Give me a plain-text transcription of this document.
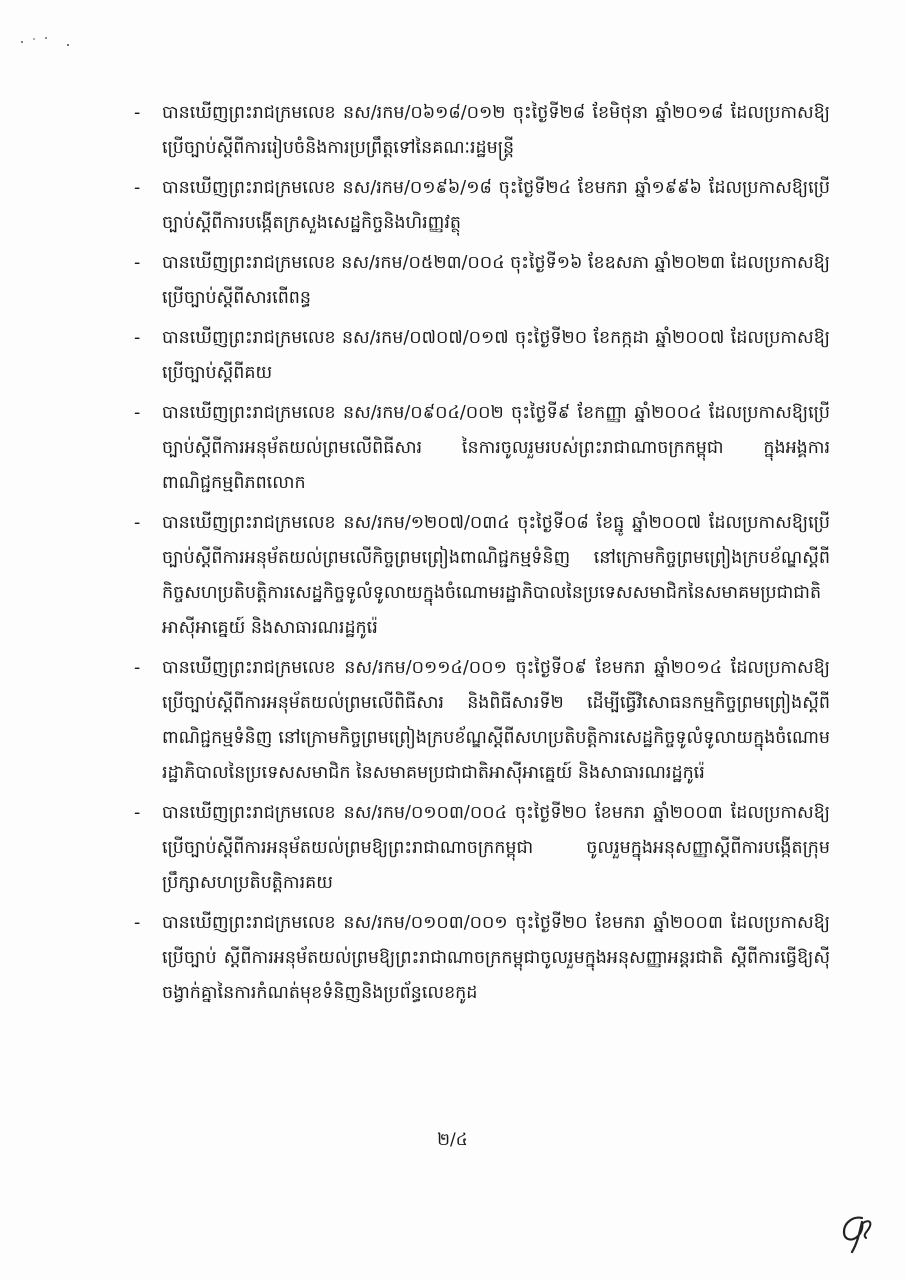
- បានឃើញព្រះរាជក្រមលេខ នស/រកម/០៦១៨/០១២ ចុះថ្ងៃទី២៨ ខែមិថុនា ឆ្នាំ២០១៨ ដែលប្រកាសឱ្យប្រើច្បាប់ស្ដីពីការរៀបចំនិងការប្រព្រឹត្តទៅនៃគណៈរដ្ឋមន្ត្រី
- បានឃើញព្រះរាជក្រមលេខ នស/រកម/០១៩៦/១៨ ចុះថ្ងៃទី២៤ ខែមករា ឆ្នាំ១៩៩៦ ដែលប្រកាសឱ្យប្រើច្បាប់ស្ដីពីការបង្កើតក្រសួងសេដ្ឋកិច្ចនិងហិរញ្ញវត្ថុ
- បានឃើញព្រះរាជក្រមលេខ នស/រកម/០៥២៣/០០៤ ចុះថ្ងៃទី១៦ ខែឧសភា ឆ្នាំ២០២៣ ដែលប្រកាសឱ្យប្រើច្បាប់ស្ដីពីសារពើពន្ធ
- បានឃើញព្រះរាជក្រមលេខ នស/រកម/០៧០៧/០១៧ ចុះថ្ងៃទី២០ ខែកក្កដា ឆ្នាំ២០០៧ ដែលប្រកាសឱ្យប្រើច្បាប់ស្ដីពីគយ
- បានឃើញព្រះរាជក្រមលេខ នស/រកម/០៩០៤/០០២ ចុះថ្ងៃទី៩ ខែកញ្ញា ឆ្នាំ២០០៤ ដែលប្រកាសឱ្យប្រើច្បាប់ស្ដីពីការអនុម័តយល់ព្រមលើពិធីសារ នៃការចូលរួមរបស់ព្រះរាជាណាចក្រកម្ពុជា ក្នុងអង្គការពាណិជ្ជកម្មពិភពលោក
- បានឃើញព្រះរាជក្រមលេខ នស/រកម/១២០៧/០៣៤ ចុះថ្ងៃទី០៨ ខែធ្នូ ឆ្នាំ២០០៧ ដែលប្រកាសឱ្យប្រើច្បាប់ស្ដីពីការអនុម័តយល់ព្រមលើកិច្ចព្រមព្រៀងពាណិជ្ជកម្មទំនិញ នៅក្រោមកិច្ចព្រមព្រៀងក្របខ័ណ្ឌស្ដីពីកិច្ចសហប្រតិបត្តិការសេដ្ឋកិច្ចទូលំទូលាយក្នុងចំណោមរដ្ឋាភិបាលនៃប្រទេសសមាជិកនៃសមាគមប្រជាជាតិអាស៊ីអាគ្នេយ៍ និងសាធារណរដ្ឋកូរ៉េ
- បានឃើញព្រះរាជក្រមលេខ នស/រកម/០១១៤/០០១ ចុះថ្ងៃទី០៩ ខែមករា ឆ្នាំ២០១៤ ដែលប្រកាសឱ្យប្រើច្បាប់ស្ដីពីការអនុម័តយល់ព្រមលើពិធីសារ និងពិធីសារទី២ ដើម្បីធ្វើវិសោធនកម្មកិច្ចព្រមព្រៀងស្ដីពីពាណិជ្ជកម្មទំនិញ នៅក្រោមកិច្ចព្រមព្រៀងក្របខ័ណ្ឌស្ដីពីសហប្រតិបត្តិការសេដ្ឋកិច្ចទូលំទូលាយក្នុងចំណោមរដ្ឋាភិបាលនៃប្រទេសសមាជិក នៃសមាគមប្រជាជាតិអាស៊ីអាគ្នេយ៍ និងសាធារណរដ្ឋកូរ៉េ
- បានឃើញព្រះរាជក្រមលេខ នស/រកម/០១០៣/០០៤ ចុះថ្ងៃទី២០ ខែមករា ឆ្នាំ២០០៣ ដែលប្រកាសឱ្យប្រើច្បាប់ស្ដីពីការអនុម័តយល់ព្រមឱ្យព្រះរាជាណាចក្រកម្ពុជា ចូលរួមក្នុងអនុសញ្ញាស្ដីពីការបង្កើតក្រុមប្រឹក្សាសហប្រតិបត្តិការគយ
- បានឃើញព្រះរាជក្រមលេខ នស/រកម/០១០៣/០០១ ចុះថ្ងៃទី២០ ខែមករា ឆ្នាំ២០០៣ ដែលប្រកាសឱ្យប្រើច្បាប់ ស្ដីពីការអនុម័តយល់ព្រមឱ្យព្រះរាជាណាចក្រកម្ពុជាចូលរួមក្នុងអនុសញ្ញាអន្តរជាតិ ស្ដីពីការធ្វើឱ្យស៊ីចង្វាក់គ្នានៃការកំណត់មុខទំនិញនិងប្រព័ន្ធលេខកូដ
២/៤
